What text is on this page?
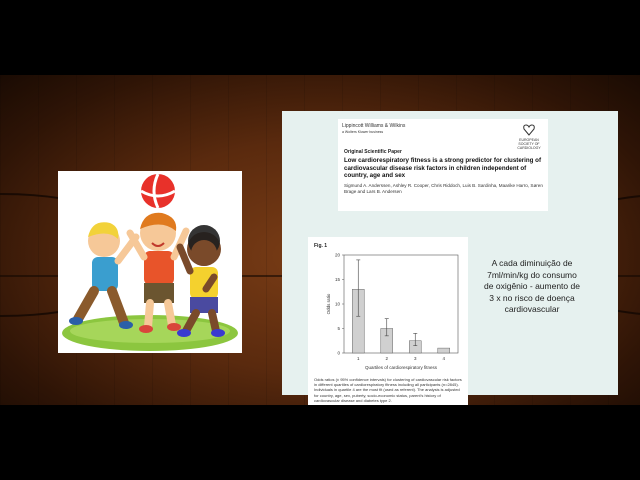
Lippincott Williams & Wilkins
a Wolters Kluwer business

EUROPEAN SOCIETY OF CARDIOLOGY
Original Scientific Paper
Low cardiorespiratory fitness is a strong predictor for clustering of cardiovascular disease risk factors in children independent of country, age and sex
Sigmund A. Anderssen, Ashley R. Cooper, Chris Riddoch, Luis B. Sardinha, Maarike Harro, Søren Brage and Lars B. Andersen
Fig. 1
0
5
10
15
20
Odds ratio
1	2	3	4
Quartiles of cardiorespiratory fitness
Odds ratios (± 95% confidence intervals) for clustering of cardiovascular risk factors in different quartiles of cardiorespiratory fitness including all participants (n=2845). Individuals in quartile 4 are the most fit (used as referent). The analysis is adjusted for country, age, sex, puberty, socio-economic status, parent's history of cardiovascular disease and diabetes type 2.
A cada diminuição de 7ml/min/kg do consumo de oxigênio - aumento de 3 x no risco de doença cardiovascular
